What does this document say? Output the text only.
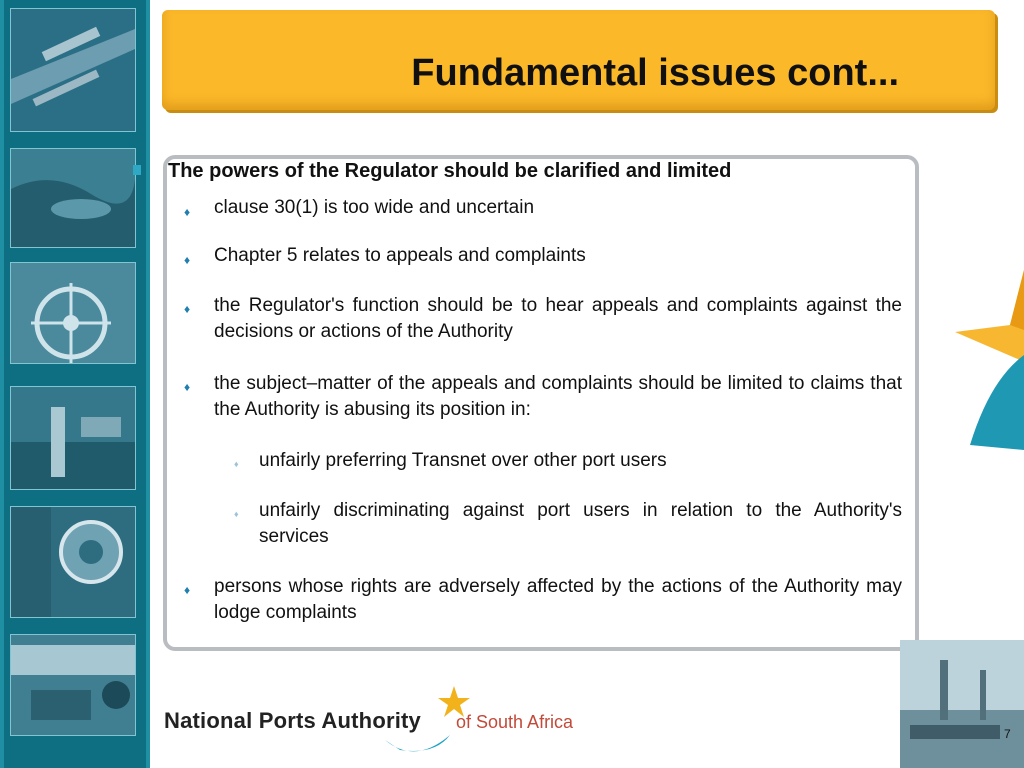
Fundamental issues cont...
The powers of the Regulator should be clarified and limited
♦ clause 30(1) is too wide and uncertain
♦ Chapter 5 relates to appeals and complaints
♦ the Regulator's function should be to hear appeals and complaints against the decisions or actions of the Authority
♦ the subject–matter of the appeals and complaints should be limited to claims that the Authority is abusing its position in:
♦ unfairly preferring Transnet over other port users
♦ unfairly discriminating against port users in relation to the Authority's services
♦ persons whose rights are adversely affected by the actions of the Authority may lodge complaints
National Ports Authority of South Africa
7
